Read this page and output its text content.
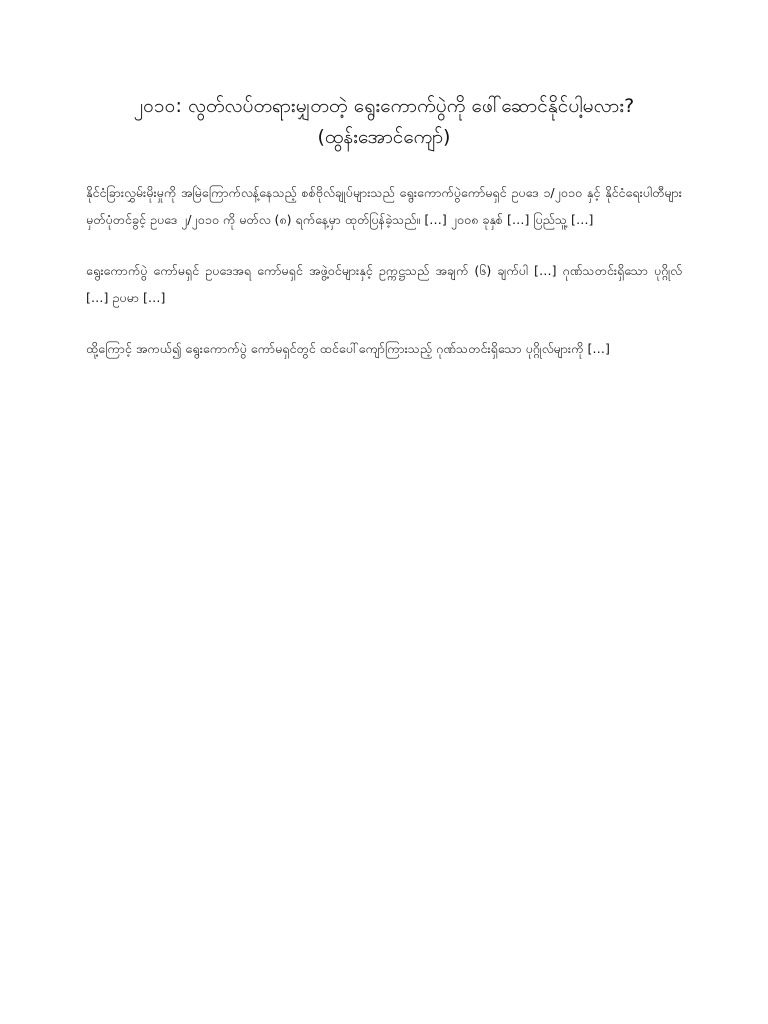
၂၀၁၀: လွတ်လပ်တရားမျှတတဲ့ ရွေးကောက်ပွဲကို ဖေါ်ဆောင်နိုင်ပါ့မလား?
(ထွန်းအောင်ကျော်)

နိုင်ငံခြားလွှမ်းမိုးမှုကို အမြဲကြောက်လန့်နေသည့် စစ်ဗိုလ်ချုပ်များသည် ရွေးကောက်ပွဲကော်မရှင် ဥပဒေ ၁/၂၀၁၀ နှင့် နိုင်ငံရေးပါတီများမှတ်ပုံတင်ခွင့် ဥပဒေ ၂/၂၀၁၀ ကို မတ်လ (၈) ရက်နေ့မှာ ထုတ်ပြန်ခဲ့သည်။ […] ၂၀၀၈ ခုနှစ် […] ပြည်သူ့ […]

ရွေးကောက်ပွဲ ကော်မရှင် ဥပဒေအရ ကော်မရှင် အဖွဲ့ဝင်များနှင့် ဥက္ကဋ္ဌသည် အချက် (၆) ချက်ပါ […] ဂုဏ်သတင်းရှိသော ပုဂ္ဂိုလ် […] ဥပမာ […]

ထို့ကြောင့် အကယ်၍ ရွေးကောက်ပွဲ ကော်မရှင်တွင် ထင်ပေါ်ကျော်ကြားသည့် ဂုဏ်သတင်းရှိသော ပုဂ္ဂိုလ်များကို […]
